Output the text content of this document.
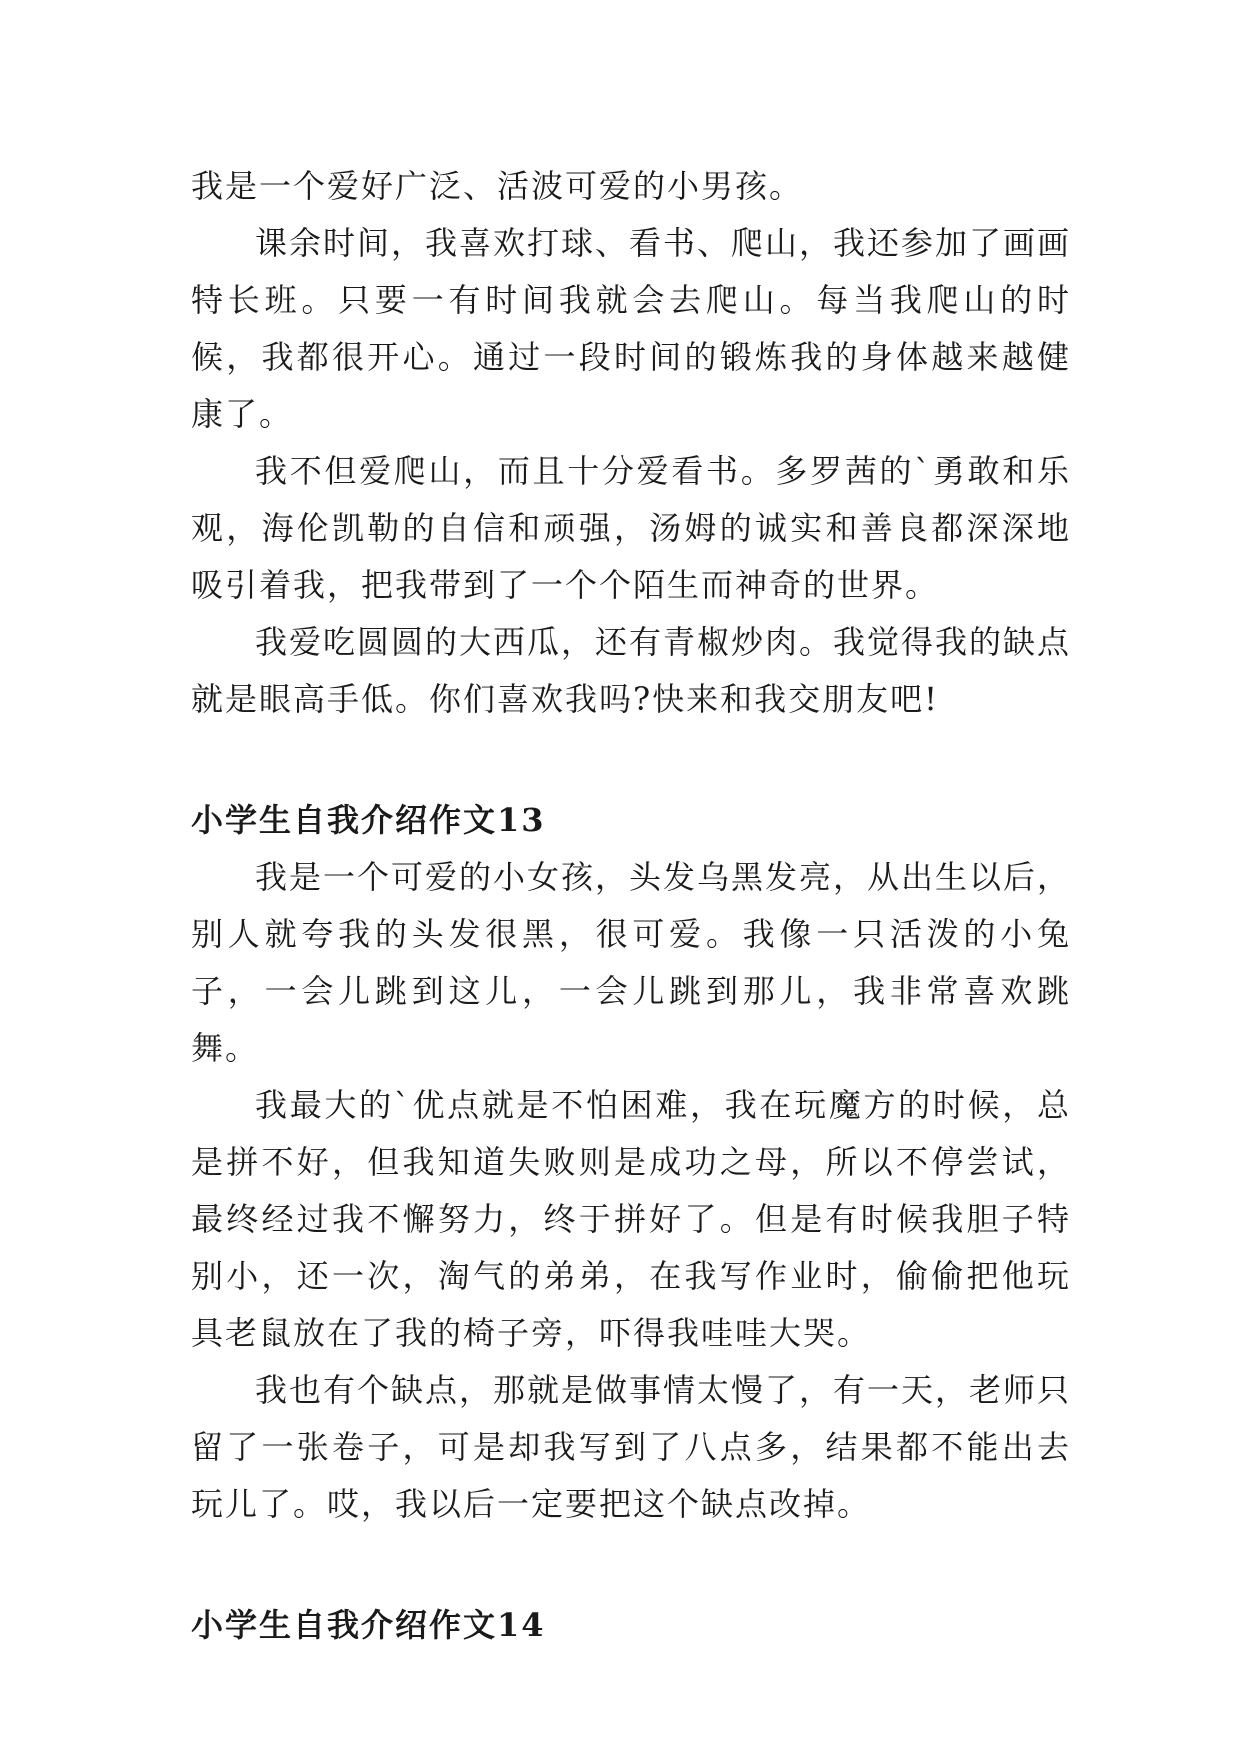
我是一个爱好广泛、活波可爱的小男孩。

课余时间，我喜欢打球、看书、爬山，我还参加了画画特长班。只要一有时间我就会去爬山。每当我爬山的时候，我都很开心。通过一段时间的锻炼我的身体越来越健康了。

我不但爱爬山，而且十分爱看书。多罗茜的`勇敢和乐观，海伦凯勒的自信和顽强，汤姆的诚实和善良都深深地吸引着我，把我带到了一个个陌生而神奇的世界。

我爱吃圆圆的大西瓜，还有青椒炒肉。我觉得我的缺点就是眼高手低。你们喜欢我吗?快来和我交朋友吧!

小学生自我介绍作文13

我是一个可爱的小女孩，头发乌黑发亮，从出生以后，别人就夸我的头发很黑，很可爱。我像一只活泼的小兔子，一会儿跳到这儿，一会儿跳到那儿，我非常喜欢跳舞。

我最大的`优点就是不怕困难，我在玩魔方的时候，总是拼不好，但我知道失败则是成功之母，所以不停尝试，最终经过我不懈努力，终于拼好了。但是有时候我胆子特别小，还一次，淘气的弟弟，在我写作业时，偷偷把他玩具老鼠放在了我的椅子旁，吓得我哇哇大哭。

我也有个缺点，那就是做事情太慢了，有一天，老师只留了一张卷子，可是却我写到了八点多，结果都不能出去玩儿了。哎，我以后一定要把这个缺点改掉。

小学生自我介绍作文14
